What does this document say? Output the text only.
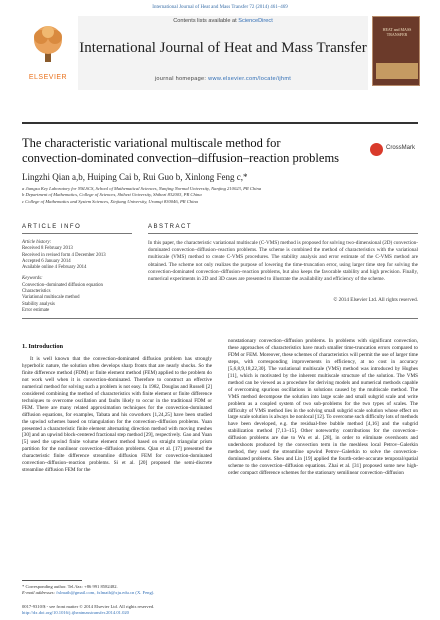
International Journal of Heat and Mass Transfer 72 (2014) 461–469
ELSEVIER
Contents lists available at ScienceDirect
International Journal of Heat and Mass Transfer
journal homepage: www.elsevier.com/locate/ijhmt
HEAT and MASS TRANSFER
The characteristic variational multiscale method for convection-dominated convection–diffusion–reaction problems
CrossMark
Lingzhi Qian a,b, Huiping Cai b, Rui Guo b, Xinlong Feng c,*
a Jiangsu Key Laboratory for NSLSCS, School of Mathematical Sciences, Nanjing Normal University, Nanjing 210023, PR China
b Department of Mathematics, College of Sciences, Shihezi University, Shihezi 832003, PR China
c College of Mathematics and System Sciences, Xinjiang University, Urumqi 830046, PR China
ARTICLE INFO	ABSTRACT
Article history:
Received 8 February 2013
Received in revised form 4 December 2013
Accepted 6 January 2014
Available online 4 February 2014
Keywords:
Convection–dominated diffusion equation
Characteristics
Variational multiscale method
Stability analysis
Error estimate
In this paper, the characteristic variational multiscale (C-VMS) method is proposed for solving two-dimensional (2D) convection-dominated convection–diffusion–reaction problems. The scheme is combined the method of characteristics with the variational multiscale (VMS) method to create C-VMS procedures. The stability analysis and error estimate of the C-VMS method are obtained. The scheme not only realizes the purpose of lowering the time-truncation error, using larger time step for solving the convection-dominated convection–diffusion–reaction problems, but also keeps the favorable stability and high precision. Finally, numerical experiments in 2D and 3D cases are presented to illustrate the availability and efficiency of the scheme.
© 2014 Elsevier Ltd. All rights reserved.
1. Introduction
It is well known that the convection-dominated diffusion problem has strongly hyperbolic nature, the solution often develops sharp fronts that are nearly shocks. So the finite difference method (FDM) or finite element method (FEM) applied to the problem do not work well when it is convection-dominated. Therefore to construct an effective numerical method for solving such a problem is not easy. In 1982, Douglas and Russell [2] considered combining the method of characteristics with finite element or finite difference techniques to overcome oscillation and faults likely to occur in the traditional FDM or FEM. There are many related approximation techniques for the convection-dominated diffusion equations, for examples, Tabata and his coworkers [1,24,25] have been studied the upwind schemes based on triangulation for the convection–diffusion problems. Yuan presented a characteristic finite element alternating direction method with moving meshes [30] and an upwind block-centered fractional step method [29], respectively. Gao and Yuan [5] used the upwind finite volume element method based on straight triangular prism partition for the nonlinear convection–diffusion problems. Qian et al. [17] presented the characteristic finite difference streamline diffusion FEM for convection-dominated convection–diffusion–reaction problems. Si et al. [20] proposed the semi-discrete streamline diffusion FEM for the
nonstationary convection–diffusion problems. In problems with significant convection, these approaches of characteristics have much smaller time-truncation errors compared to FDM or FEM. Moreover, these schemes of characteristics will permit the use of larger time steps, with corresponding improvements in efficiency, at no cost in accuracy [5,6,8,9,18,22,30]. The variational multiscale (VMS) method was introduced by Hughes [11], which is motivated by the inherent multiscale structure of the solution. The VMS method can be viewed as a procedure for deriving models and numerical methods capable of overcoming spurious oscillations in solutions caused by the multiscale method. The VMS method decompose the solution into large scale and small subgrid scale and write problem as a coupled system of two sub-problems for the two types of scales. The difficulty of VMS method lies in the solving small subgrid scale solution whose effect on large scale solution is always be nonlocal [12]. To overcome such difficulty lots of methods have been developed, e.g. the residual-free bubble method [4,16] and the subgrid stabilization method [7,13–15]. Other noteworthy contributions for the convection–diffusion problems are due to Wu et al. [28], in order to eliminate overshoots and undershoots produced by the convection term in the meshless local Petrov–Galerkin method, they used the streamline upwind Petrov–Galerkin to solve the convection-dominated problems. Sheu and Lin [19] applied the fourth-order-accurate temporal/spatial scheme to the convection–diffusion equations. Zhai et al. [31] proposed some new high-order compact difference schemes for the stationary semilinear convection–diffusion
* Corresponding author. Tel./fax: +86 991 8582482.
E-mail addresses: fxlmath@gmail.com, fxlmath@xju.edu.cn (X. Feng).
0017-9310/$ - see front matter © 2014 Elsevier Ltd. All rights reserved.
http://dx.doi.org/10.1016/j.ijheatmasstransfer.2014.01.020
